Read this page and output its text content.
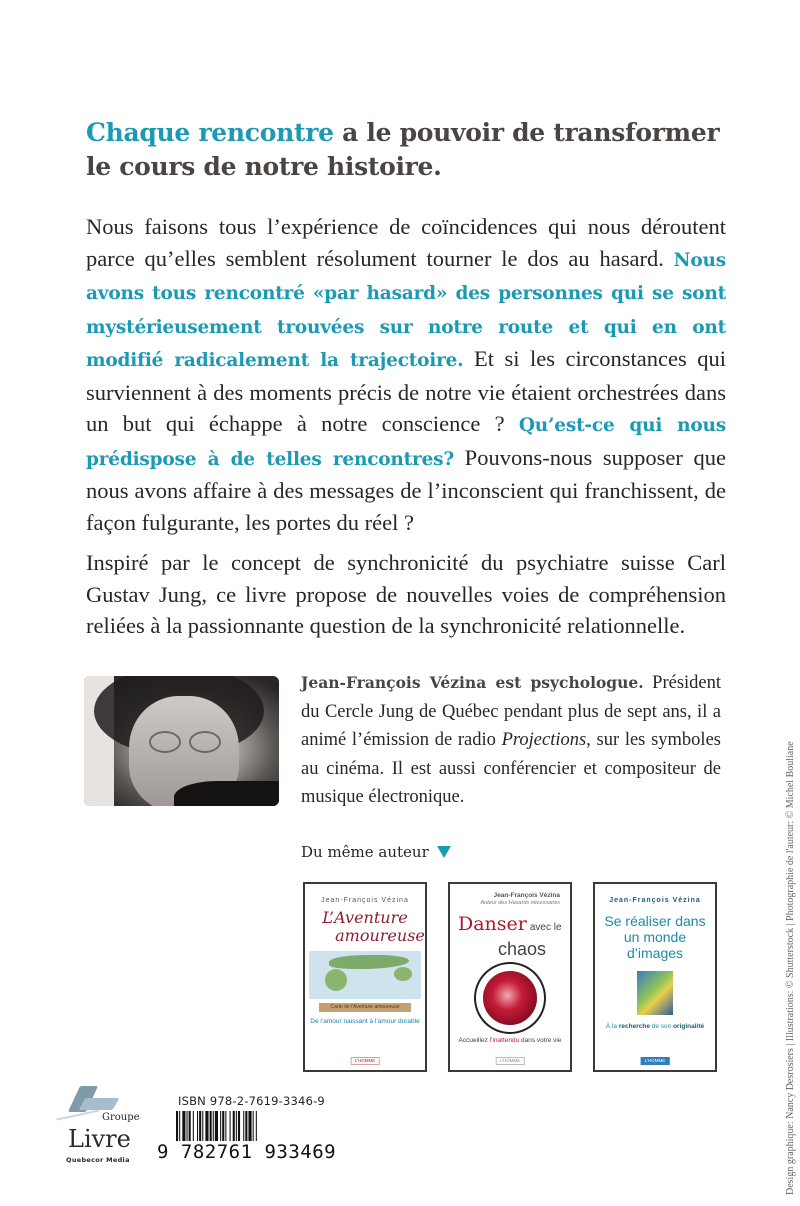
Chaque rencontre a le pouvoir de transformer le cours de notre histoire.
Nous faisons tous l’expérience de coïncidences qui nous déroutent parce qu’elles semblent résolument tourner le dos au hasard. Nous avons tous rencontré «par hasard» des personnes qui se sont mystérieusement trouvées sur notre route et qui en ont modifié radicalement la trajectoire. Et si les circonstances qui surviennent à des moments précis de notre vie étaient orchestrées dans un but qui échappe à notre conscience ? Qu’est-ce qui nous prédispose à de telles rencontres? Pouvons-nous supposer que nous avons affaire à des messages de l’inconscient qui franchissent, de façon fulgurante, les portes du réel ?
Inspiré par le concept de synchronicité du psychiatre suisse Carl Gustav Jung, ce livre propose de nouvelles voies de compréhension reliées à la passionnante question de la synchronicité relationnelle.
Jean-François Vézina est psychologue. Président du Cercle Jung de Québec pendant plus de sept ans, il a animé l’émission de radio Projections, sur les symboles au cinéma. Il est aussi conférencier et compositeur de musique électronique.
Du même auteur
Jean-François Vézina
L’Aventure
amoureuse
Carte de l'Aventure amoureuse
De l’amour naissant à l’amour durable
L'HOMME
Jean-François Vézina
Auteur des Hasards nécessaires
Danser avec le
chaos
Accueillez l’inattendu dans votre vie
L'HOMME
Jean-François Vézina
Se réaliser dans un monde d’images
À la recherche de son originalité
L'HOMME
Groupe
Livre
Quebecor Media
ISBN 978-2-7619-3346-9
9 782761 933469	Design graphique: Nancy Desrosiers | Illustrations: © Shutterstock | Photographie de l'auteur: © Michel Bouliane
